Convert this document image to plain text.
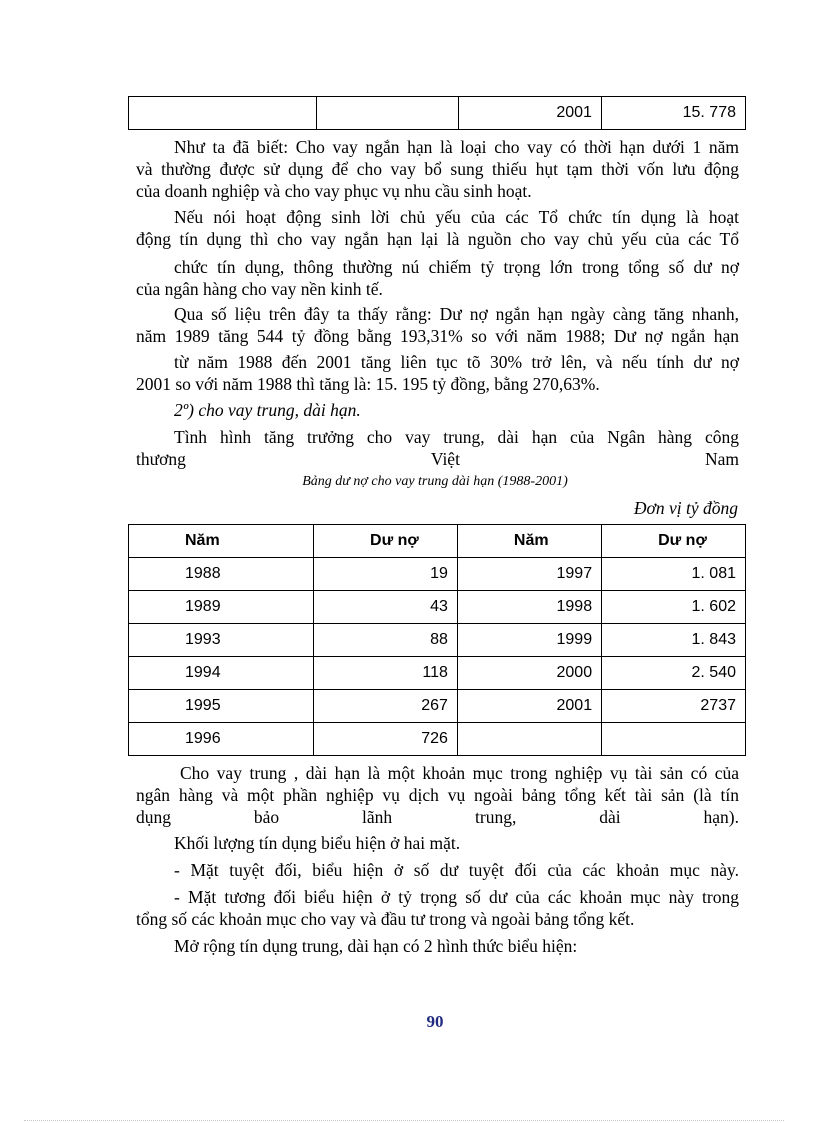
		2001	15. 778
Như ta đã biết: Cho vay ngắn hạn là loại cho vay có thời hạn dưới 1 năm
và thường được sử dụng để cho vay bổ sung thiếu hụt tạm thời vốn lưu động
của doanh nghiệp và cho vay phục vụ nhu cầu sinh hoạt.
Nếu nói hoạt động sinh lời chủ yếu của các Tổ chức tín dụng là hoạt
động tín dụng thì cho vay ngắn hạn lại là nguồn cho vay chủ yếu của các Tổ
chức tín dụng, thông thường nú chiếm tỷ trọng lớn trong tổng số dư nợ
của ngân hàng cho vay nền kinh tế.
Qua số liệu trên đây ta thấy rằng: Dư nợ ngắn hạn ngày càng tăng nhanh,
năm 1989 tăng 544 tỷ đồng bằng 193,31% so với năm 1988; Dư nợ ngắn hạn
từ năm 1988 đến 2001 tăng liên tục tõ 30% trở lên, và nếu tính dư nợ
2001 so với năm 1988 thì tăng là: 15. 195 tỷ đồng, bằng 270,63%.
2º) cho vay trung, dài hạn.
Tình hình tăng trưởng cho vay trung, dài hạn của Ngân hàng công
thương	Việt	Nam
Bảng dư nợ cho vay trung dài hạn (1988-2001)
Đơn vị tỷ đồng
Năm	Dư nợ	Năm	Dư nợ
1988	19	1997	1. 081
1989	43	1998	1. 602
1993	88	1999	1. 843
1994	118	2000	2. 540
1995	267	2001	2737
1996	726		
Cho vay trung , dài hạn là một khoản mục trong nghiệp vụ tài sản có của
ngân hàng và một phần nghiệp vụ dịch vụ ngoài bảng tổng kết tài sản (là tín
dụng	bảo	lãnh	trung,	dài	hạn).
Khối lượng tín dụng biểu hiện ở hai mặt.
- Mặt tuyệt đối, biểu hiện ở số dư tuyệt đối của các khoản mục này.
- Mặt tương đối biểu hiện ở tỷ trọng số dư của các khoản mục này trong
tổng số các khoản mục cho vay và đầu tư trong và ngoài bảng tổng kết.
Mở rộng tín dụng trung, dài hạn có 2 hình thức biểu hiện:
90
